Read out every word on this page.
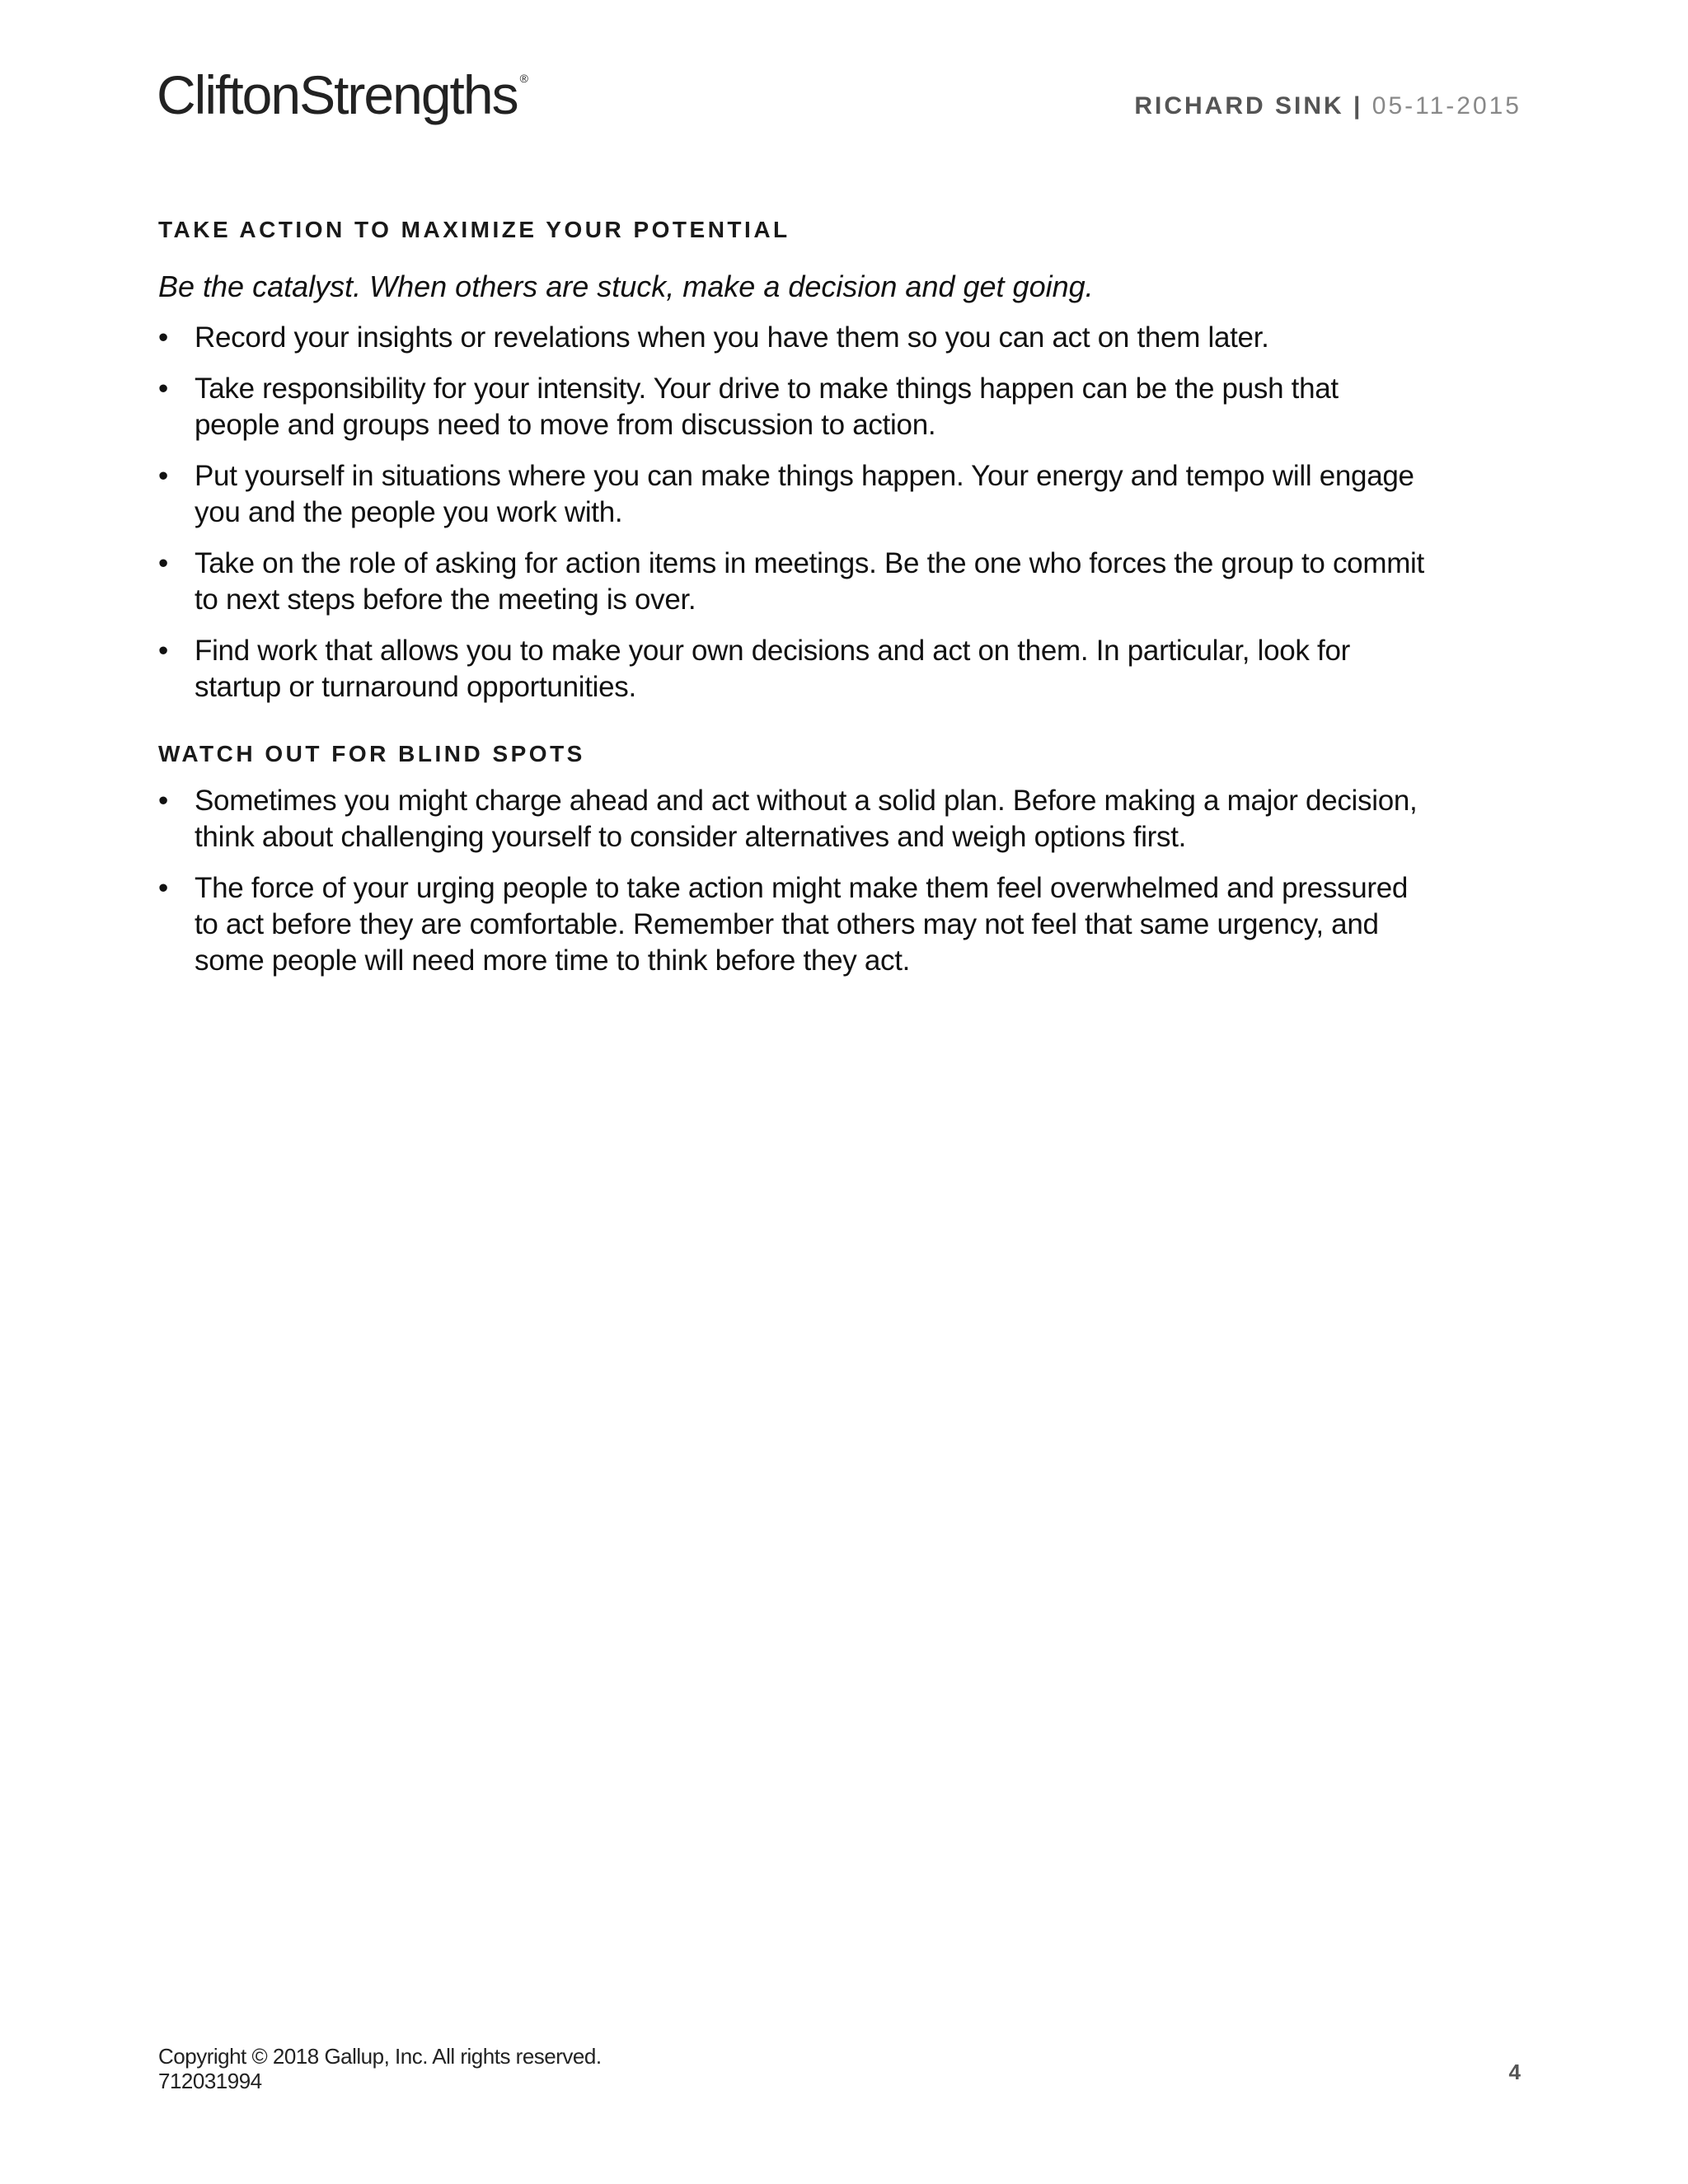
CliftonStrengths ®
RICHARD SINK | 05-11-2015
TAKE ACTION TO MAXIMIZE YOUR POTENTIAL

Be the catalyst. When others are stuck, make a decision and get going.

• Record your insights or revelations when you have them so you can act on them later.
• Take responsibility for your intensity. Your drive to make things happen can be the push that people and groups need to move from discussion to action.
• Put yourself in situations where you can make things happen. Your energy and tempo will engage you and the people you work with.
• Take on the role of asking for action items in meetings. Be the one who forces the group to commit to next steps before the meeting is over.
• Find work that allows you to make your own decisions and act on them. In particular, look for startup or turnaround opportunities.
WATCH OUT FOR BLIND SPOTS
• Sometimes you might charge ahead and act without a solid plan. Before making a major decision, think about challenging yourself to consider alternatives and weigh options first.
• The force of your urging people to take action might make them feel overwhelmed and pressured to act before they are comfortable. Remember that others may not feel that same urgency, and some people will need more time to think before they act.
Copyright © 2018 Gallup, Inc. All rights reserved.
712031994	4
